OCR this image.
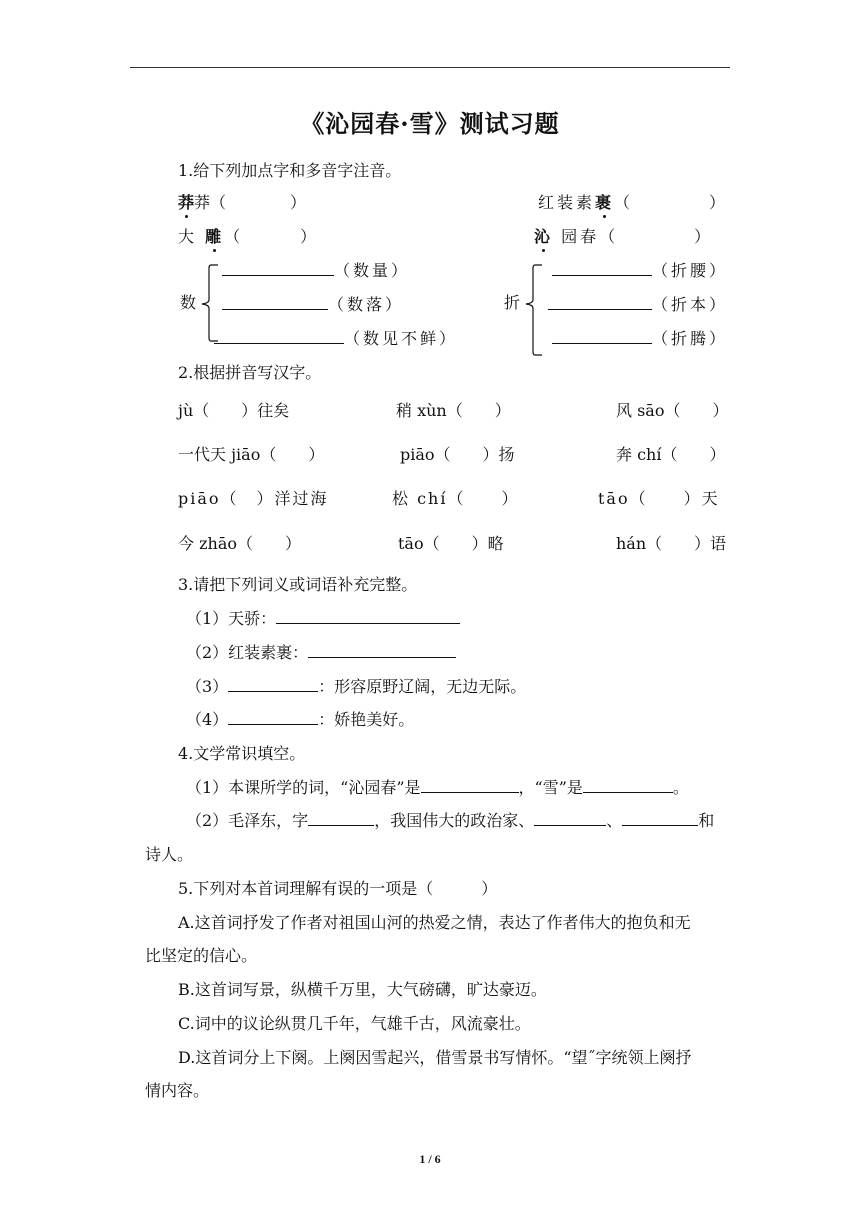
《沁园春·雪》测试习题
1.给下列加点字和多音字注音。
莽莽（　　　　）	红装素裹（　　　　）
大 雕（　　　）	沁 园春（　　　　）
数
（数量）
（数落）
（数见不鲜）
折
（折腰）
（折本）
（折腾）
2.根据拼音写汉字。
jù（　　）往矣	稍 xùn（　　）	风 sāo（　　）
一代天 jiāo（　　）	piāo（　　）扬	奔 chí（　　）
piāo（　）洋过海	松 chí（　　）	tāo（　　）天
今 zhāo（　　）	tāo（　　）略	hán（　　）语
3.请把下列词义或词语补充完整。
（1）天骄：
（2）红装素裹：
（3）	：形容原野辽阔，无边无际。
（4）	：娇艳美好。
4.文学常识填空。
（1）本课所学的词，“沁园春”是	，“雪”是	。
（2）毛泽东，字	，我国伟大的政治家、	、	和
诗人。
5.下列对本首词理解有误的一项是（　　　）
A.这首词抒发了作者对祖国山河的热爱之情，表达了作者伟大的抱负和无
比坚定的信心。
B.这首词写景，纵横千万里，大气磅礴，旷达豪迈。
C.词中的议论纵贯几千年，气雄千古，风流豪壮。
D.这首词分上下阕。上阕因雪起兴，借雪景书写情怀。“望˝字统领上阕抒
情内容。
1 / 6
